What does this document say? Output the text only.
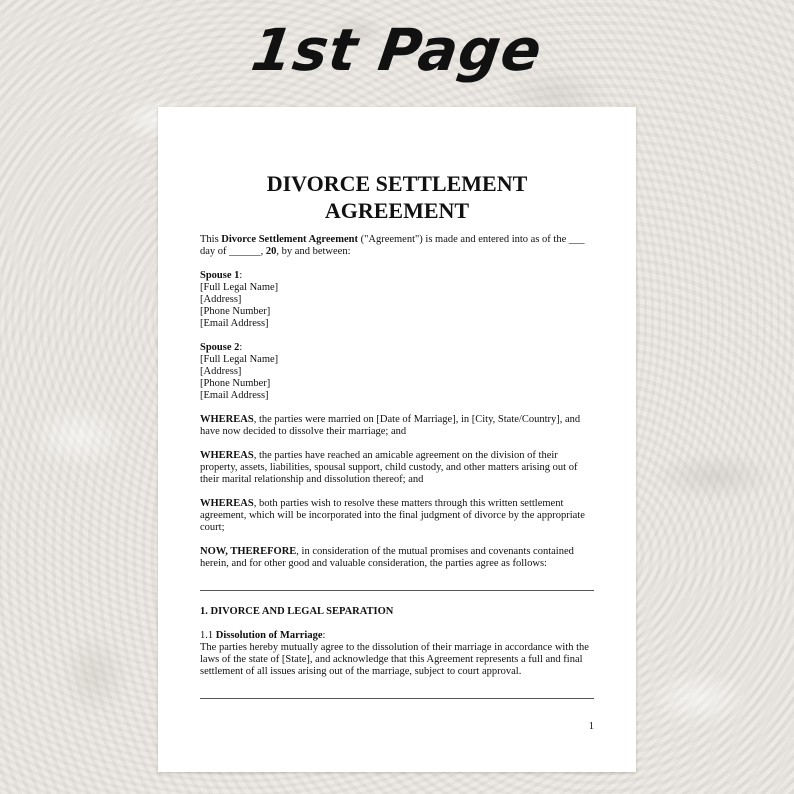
1st Page
DIVORCE SETTLEMENT
AGREEMENT

This Divorce Settlement Agreement ("Agreement") is made and entered into as of the ___ day of ______, 20, by and between:

Spouse 1:
[Full Legal Name]
[Address]
[Phone Number]
[Email Address]

Spouse 2:
[Full Legal Name]
[Address]
[Phone Number]
[Email Address]

WHEREAS, the parties were married on [Date of Marriage], in [City, State/Country], and have now decided to dissolve their marriage; and

WHEREAS, the parties have reached an amicable agreement on the division of their property, assets, liabilities, spousal support, child custody, and other matters arising out of their marital relationship and dissolution thereof; and

WHEREAS, both parties wish to resolve these matters through this written settlement agreement, which will be incorporated into the final judgment of divorce by the appropriate court;

NOW, THEREFORE, in consideration of the mutual promises and covenants contained herein, and for other good and valuable consideration, the parties agree as follows:

1. DIVORCE AND LEGAL SEPARATION

1.1 Dissolution of Marriage:

The parties hereby mutually agree to the dissolution of their marriage in accordance with the laws of the state of [State], and acknowledge that this Agreement represents a full and final settlement of all issues arising out of the marriage, subject to court approval.

1
